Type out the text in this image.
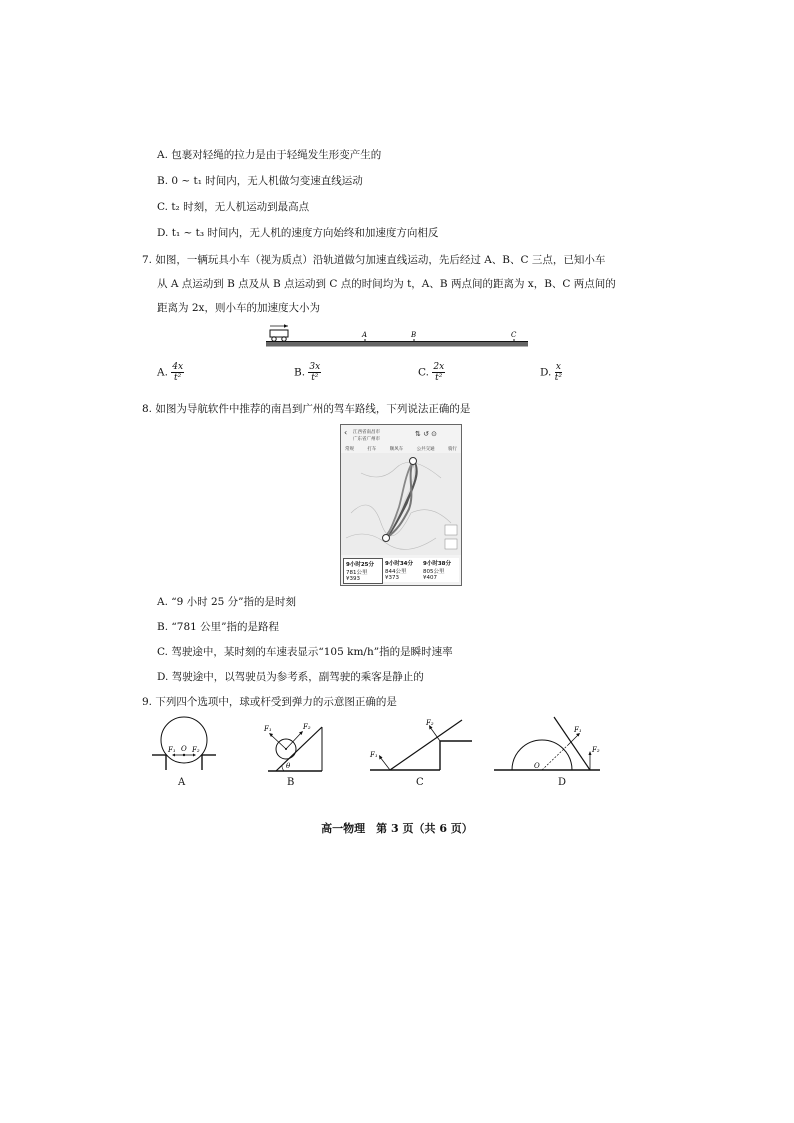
A. 包裹对轻绳的拉力是由于轻绳发生形变产生的
B. 0 ~ t₁ 时间内，无人机做匀变速直线运动
C. t₂ 时刻，无人机运动到最高点
D. t₁ ~ t₃ 时间内，无人机的速度方向始终和加速度方向相反
7. 如图，一辆玩具小车（视为质点）沿轨道做匀加速直线运动，先后经过 A、B、C 三点，已知小车
从 A 点运动到 B 点及从 B 点运动到 C 点的时间均为 t，A、B 两点间的距离为 x，B、C 两点间的
距离为 2x，则小车的加速度大小为
A	B	C
A. $\frac{4x}{\text{t²}}$	B. $\frac{3x}{\text{t²}}$	C. $\frac{2x}{\text{t²}}$	D. $\frac{x}{\text{t²}}$
8. 如图为导航软件中推荐的南昌到广州的驾车路线，下列说法正确的是
‹ 江西省南昌市
广东省广州市
⇅ ↺ ⊙
常规	打车	顺风车	公共交通	骑行
9小时25分
781公里 ¥393
9小时34分
844公里 ¥373
9小时38分
805公里 ¥407
A. “9 小时 25 分”指的是时刻
B. “781 公里”指的是路程
C. 驾驶途中，某时刻的车速表显示“105 km/h”指的是瞬时速率
D. 驾驶途中，以驾驶员为参考系，副驾驶的乘客是静止的
9. 下列四个选项中，球或杆受到弹力的示意图正确的是
F₁ O F₂
A
F₁	F₂
θ
B
F₁
F₂
C
O
F₁
F₂
D
高一物理　第 3 页（共 6 页）
